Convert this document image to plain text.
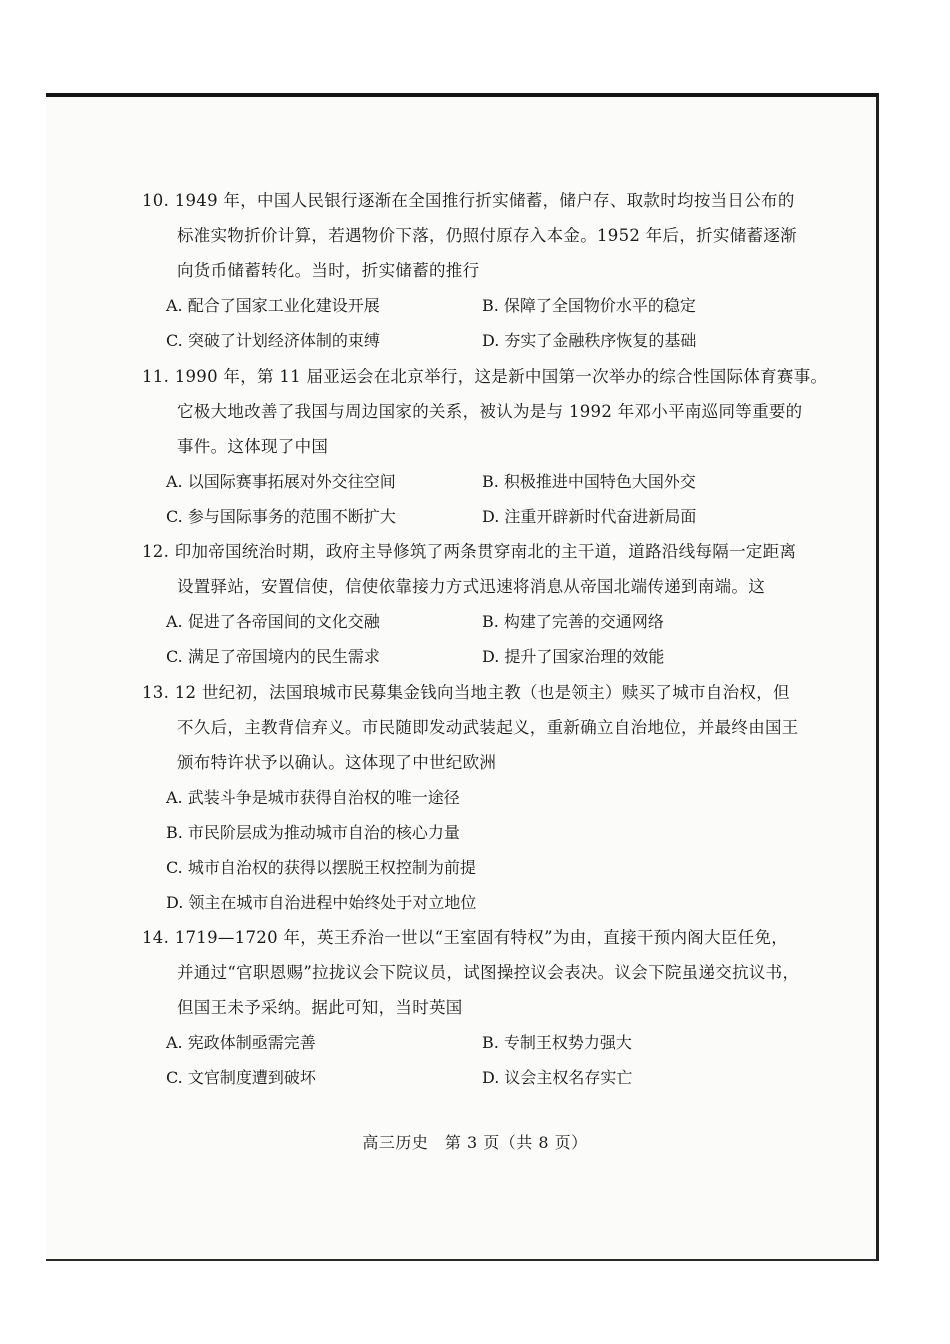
10. 1949 年，中国人民银行逐渐在全国推行折实储蓄，储户存、取款时均按当日公布的
标准实物折价计算，若遇物价下落，仍照付原存入本金。1952 年后，折实储蓄逐渐
向货币储蓄转化。当时，折实储蓄的推行
A. 配合了国家工业化建设开展	B. 保障了全国物价水平的稳定
C. 突破了计划经济体制的束缚	D. 夯实了金融秩序恢复的基础
11. 1990 年，第 11 届亚运会在北京举行，这是新中国第一次举办的综合性国际体育赛事。
它极大地改善了我国与周边国家的关系，被认为是与 1992 年邓小平南巡同等重要的
事件。这体现了中国
A. 以国际赛事拓展对外交往空间	B. 积极推进中国特色大国外交
C. 参与国际事务的范围不断扩大	D. 注重开辟新时代奋进新局面
12. 印加帝国统治时期，政府主导修筑了两条贯穿南北的主干道，道路沿线每隔一定距离
设置驿站，安置信使，信使依靠接力方式迅速将消息从帝国北端传递到南端。这
A. 促进了各帝国间的文化交融	B. 构建了完善的交通网络
C. 满足了帝国境内的民生需求	D. 提升了国家治理的效能
13. 12 世纪初，法国琅城市民募集金钱向当地主教（也是领主）赎买了城市自治权，但
不久后，主教背信弃义。市民随即发动武装起义，重新确立自治地位，并最终由国王
颁布特许状予以确认。这体现了中世纪欧洲
A. 武装斗争是城市获得自治权的唯一途径
B. 市民阶层成为推动城市自治的核心力量
C. 城市自治权的获得以摆脱王权控制为前提
D. 领主在城市自治进程中始终处于对立地位
14. 1719—1720 年，英王乔治一世以“王室固有特权”为由，直接干预内阁大臣任免，
并通过“官职恩赐”拉拢议会下院议员，试图操控议会表决。议会下院虽递交抗议书，
但国王未予采纳。据此可知，当时英国
A. 宪政体制亟需完善	B. 专制王权势力强大
C. 文官制度遭到破坏	D. 议会主权名存实亡
高三历史　第 3 页（共 8 页）
